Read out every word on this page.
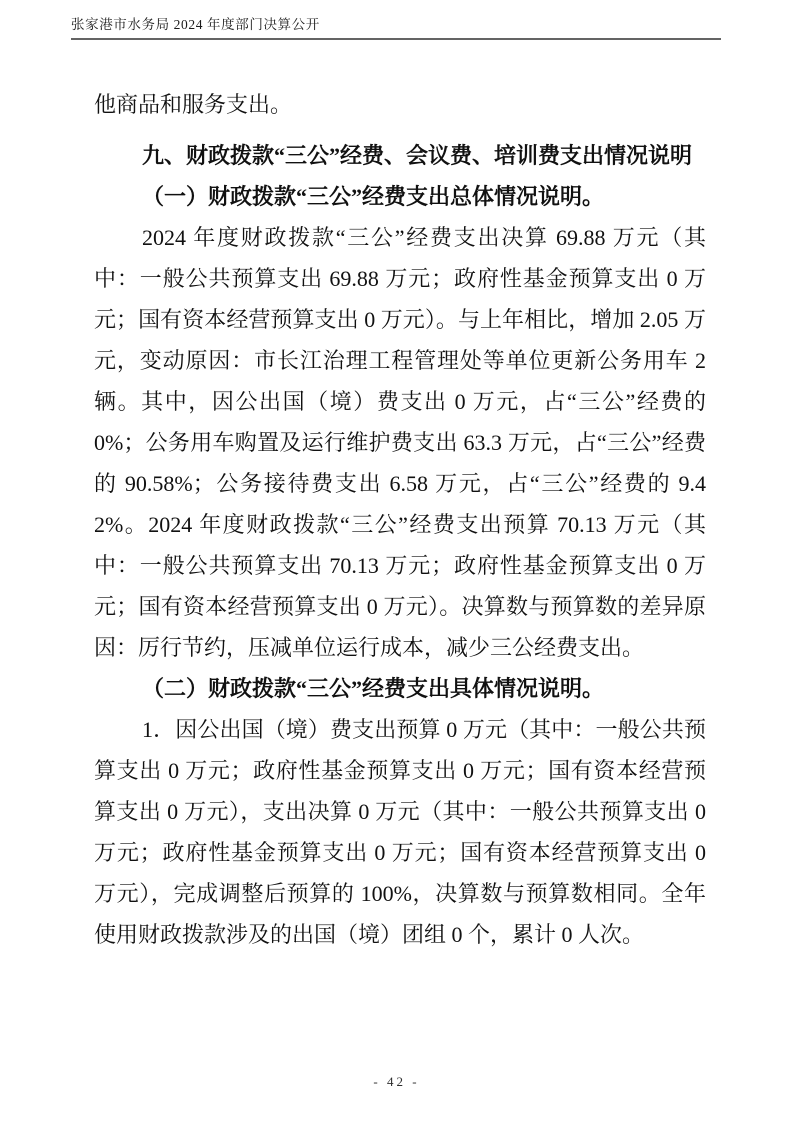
张家港市水务局 2024 年度部门决算公开

他商品和服务支出。

九、财政拨款“三公”经费、会议费、培训费支出情况说明

（一）财政拨款“三公”经费支出总体情况说明。

2024 年度财政拨款“三公”经费支出决算 69.88 万元（其中：一般公共预算支出 69.88 万元；政府性基金预算支出 0 万元；国有资本经营预算支出 0 万元）。与上年相比，增加 2.05 万元，变动原因：市长江治理工程管理处等单位更新公务用车 2 辆。其中，因公出国（境）费支出 0 万元，占“三公”经费的 0%；公务用车购置及运行维护费支出 63.3 万元，占“三公”经费的 90.58%；公务接待费支出 6.58 万元，占“三公”经费的 9.42%。2024 年度财政拨款“三公”经费支出预算 70.13 万元（其中：一般公共预算支出 70.13 万元；政府性基金预算支出 0 万元；国有资本经营预算支出 0 万元）。决算数与预算数的差异原因：厉行节约，压减单位运行成本，减少三公经费支出。

（二）财政拨款“三公”经费支出具体情况说明。

1．因公出国（境）费支出预算 0 万元（其中：一般公共预算支出 0 万元；政府性基金预算支出 0 万元；国有资本经营预算支出 0 万元），支出决算 0 万元（其中：一般公共预算支出 0 万元；政府性基金预算支出 0 万元；国有资本经营预算支出 0 万元），完成调整后预算的 100%，决算数与预算数相同。全年使用财政拨款涉及的出国（境）团组 0 个，累计 0 人次。

- 42 -
